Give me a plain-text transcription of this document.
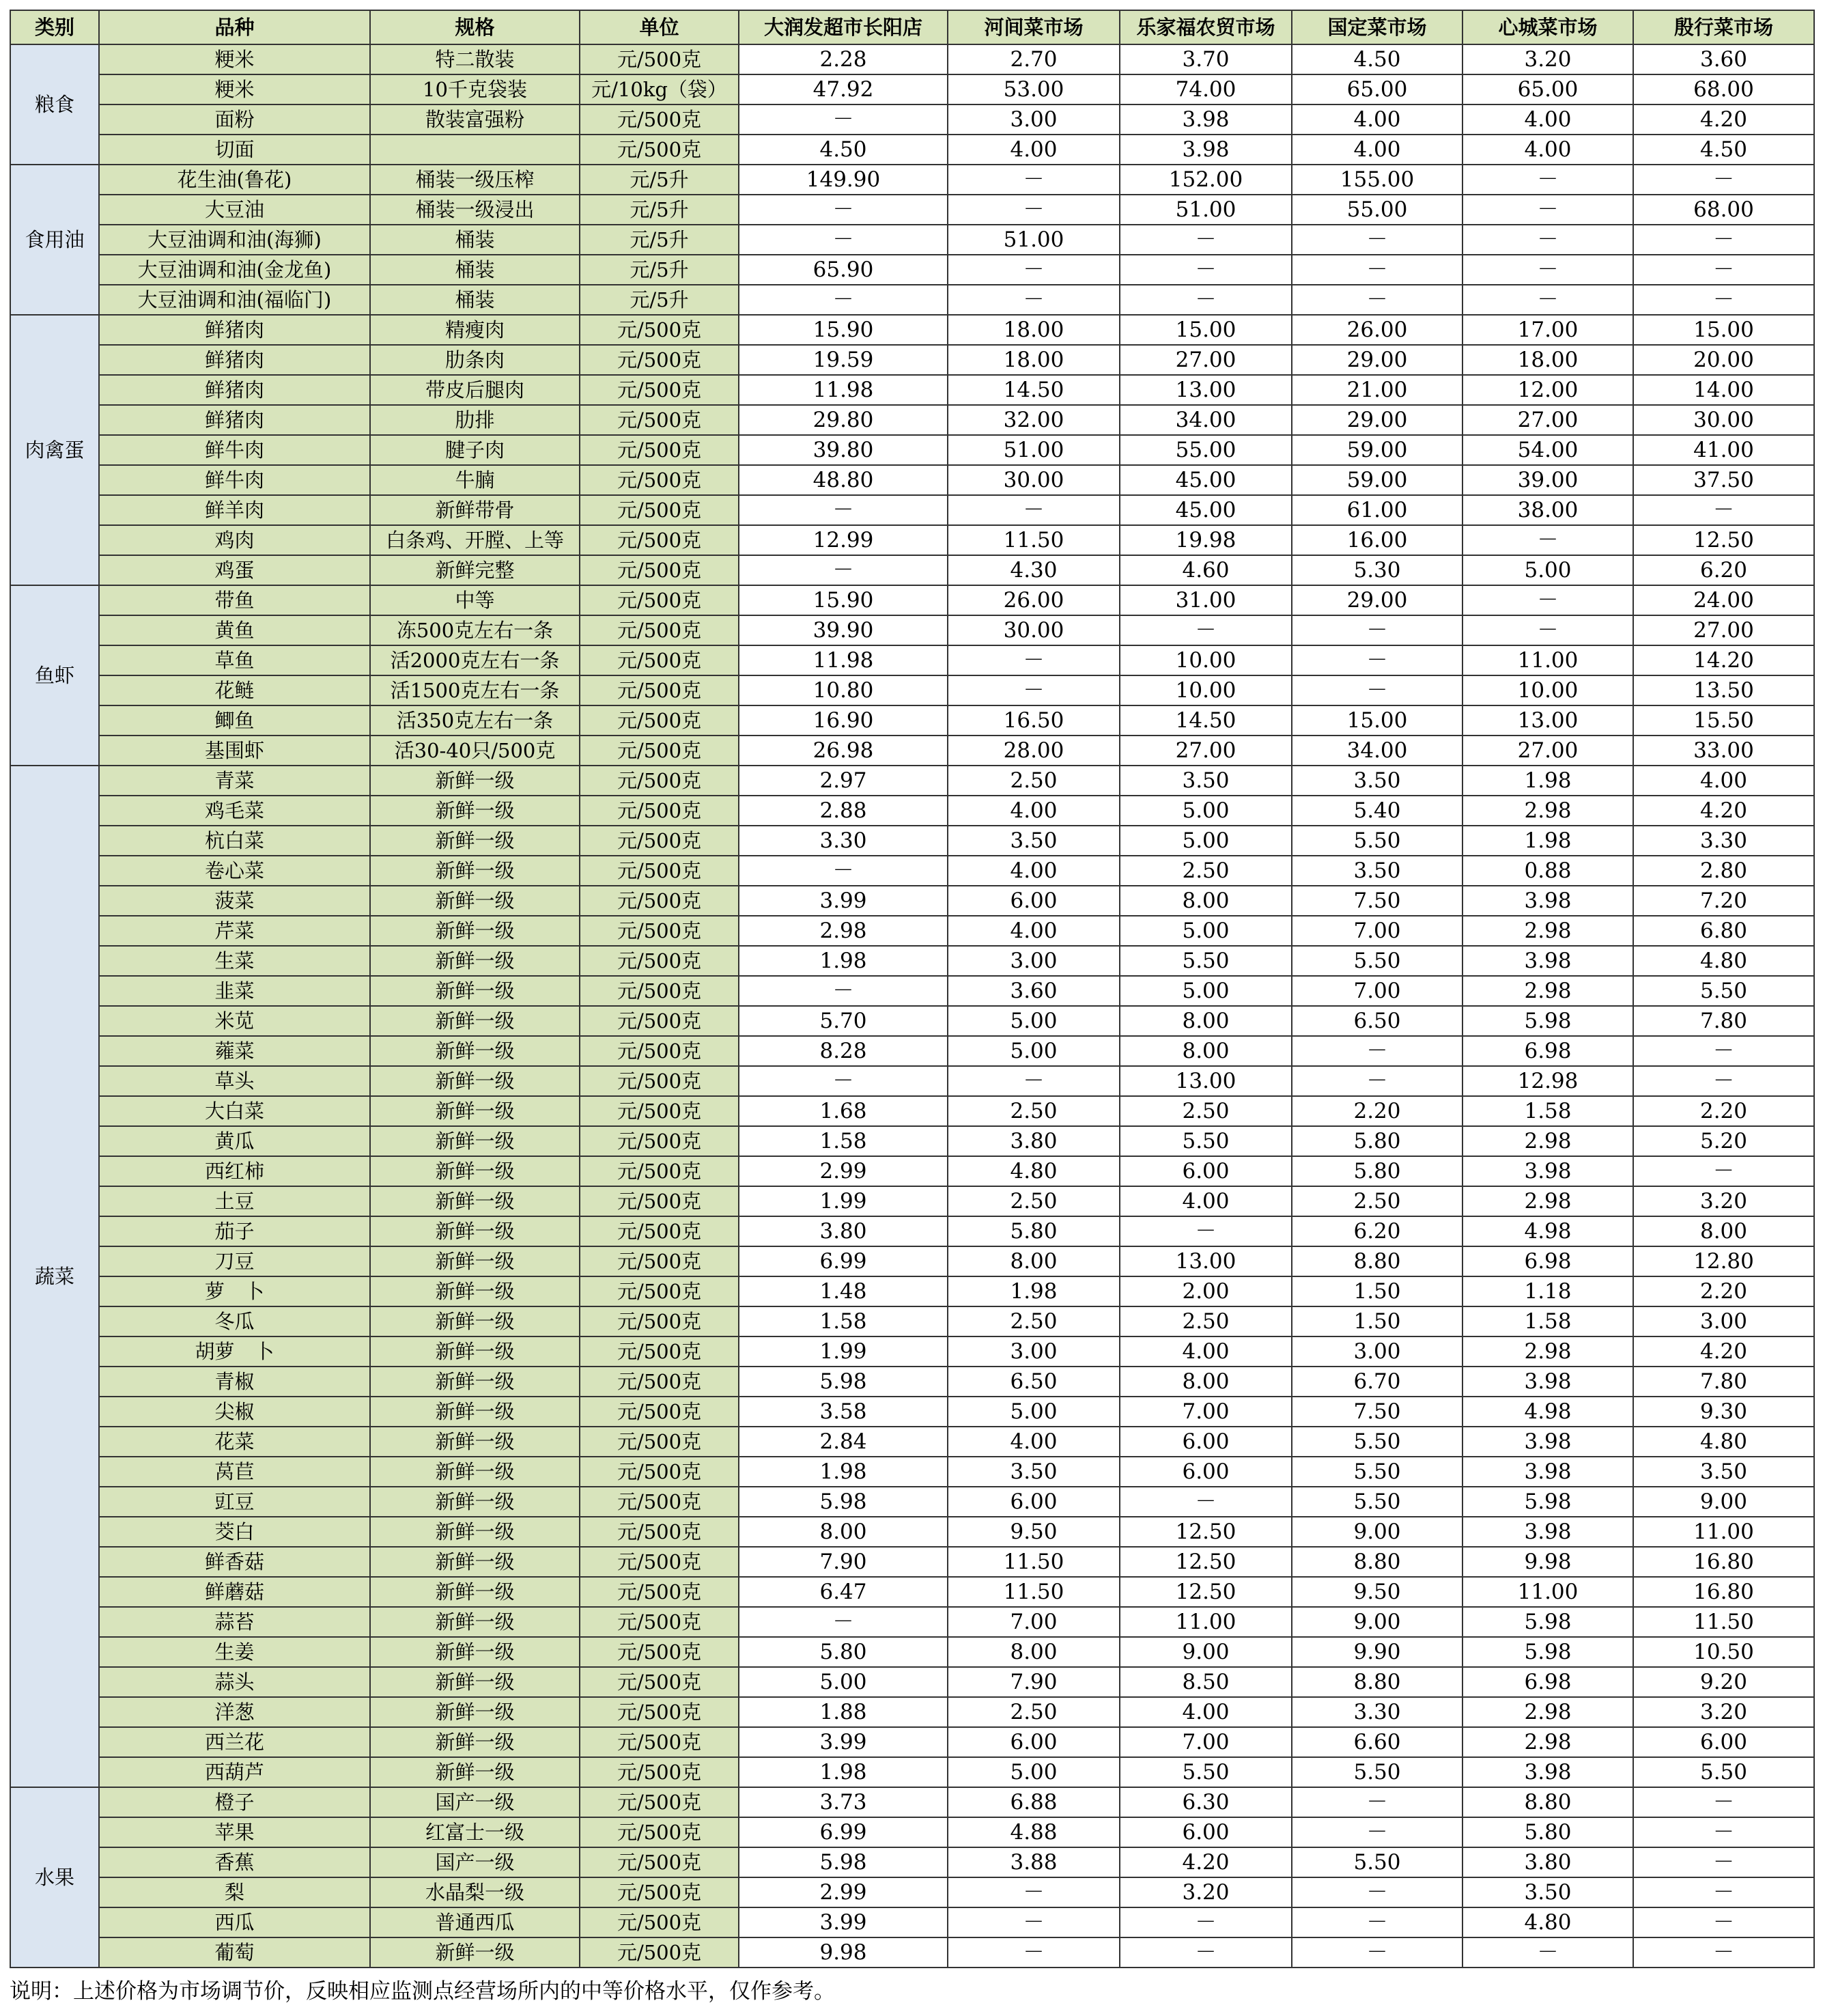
类别	品种	规格	单位	大润发超市长阳店	河间菜市场	乐家福农贸市场	国定菜市场	心城菜市场	殷行菜市场
粮食	粳米	特二散装	元/500克	2.28	2.70	3.70	4.50	3.20	3.60
	粳米	10千克袋装	元/10kg（袋）	47.92	53.00	74.00	65.00	65.00	68.00
	面粉	散装富强粉	元/500克	－	3.00	3.98	4.00	4.00	4.20
	切面		元/500克	4.50	4.00	3.98	4.00	4.00	4.50
食用油	花生油(鲁花)	桶装一级压榨	元/5升	149.90	－	152.00	155.00	－	－
	大豆油	桶装一级浸出	元/5升	－	－	51.00	55.00	－	68.00
	大豆油调和油(海狮)	桶装	元/5升	－	51.00	－	－	－	－
	大豆油调和油(金龙鱼)	桶装	元/5升	65.90	－	－	－	－	－
	大豆油调和油(福临门)	桶装	元/5升	－	－	－	－	－	－
肉禽蛋	鲜猪肉	精瘦肉	元/500克	15.90	18.00	15.00	26.00	17.00	15.00
	鲜猪肉	肋条肉	元/500克	19.59	18.00	27.00	29.00	18.00	20.00
	鲜猪肉	带皮后腿肉	元/500克	11.98	14.50	13.00	21.00	12.00	14.00
	鲜猪肉	肋排	元/500克	29.80	32.00	34.00	29.00	27.00	30.00
	鲜牛肉	腱子肉	元/500克	39.80	51.00	55.00	59.00	54.00	41.00
	鲜牛肉	牛腩	元/500克	48.80	30.00	45.00	59.00	39.00	37.50
	鲜羊肉	新鲜带骨	元/500克	－	－	45.00	61.00	38.00	－
	鸡肉	白条鸡、开膛、上等	元/500克	12.99	11.50	19.98	16.00	－	12.50
	鸡蛋	新鲜完整	元/500克	－	4.30	4.60	5.30	5.00	6.20
鱼虾	带鱼	中等	元/500克	15.90	26.00	31.00	29.00	－	24.00
	黄鱼	冻500克左右一条	元/500克	39.90	30.00	－	－	－	27.00
	草鱼	活2000克左右一条	元/500克	11.98	－	10.00	－	11.00	14.20
	花鲢	活1500克左右一条	元/500克	10.80	－	10.00	－	10.00	13.50
	鲫鱼	活350克左右一条	元/500克	16.90	16.50	14.50	15.00	13.00	15.50
	基围虾	活30-40只/500克	元/500克	26.98	28.00	27.00	34.00	27.00	33.00
蔬菜	青菜	新鲜一级	元/500克	2.97	2.50	3.50	3.50	1.98	4.00
	鸡毛菜	新鲜一级	元/500克	2.88	4.00	5.00	5.40	2.98	4.20
	杭白菜	新鲜一级	元/500克	3.30	3.50	5.00	5.50	1.98	3.30
	卷心菜	新鲜一级	元/500克	－	4.00	2.50	3.50	0.88	2.80
	菠菜	新鲜一级	元/500克	3.99	6.00	8.00	7.50	3.98	7.20
	芹菜	新鲜一级	元/500克	2.98	4.00	5.00	7.00	2.98	6.80
	生菜	新鲜一级	元/500克	1.98	3.00	5.50	5.50	3.98	4.80
	韭菜	新鲜一级	元/500克	－	3.60	5.00	7.00	2.98	5.50
	米苋	新鲜一级	元/500克	5.70	5.00	8.00	6.50	5.98	7.80
	蕹菜	新鲜一级	元/500克	8.28	5.00	8.00	－	6.98	－
	草头	新鲜一级	元/500克	－	－	13.00	－	12.98	－
	大白菜	新鲜一级	元/500克	1.68	2.50	2.50	2.20	1.58	2.20
	黄瓜	新鲜一级	元/500克	1.58	3.80	5.50	5.80	2.98	5.20
	西红柿	新鲜一级	元/500克	2.99	4.80	6.00	5.80	3.98	－
	土豆	新鲜一级	元/500克	1.99	2.50	4.00	2.50	2.98	3.20
	茄子	新鲜一级	元/500克	3.80	5.80	－	6.20	4.98	8.00
	刀豆	新鲜一级	元/500克	6.99	8.00	13.00	8.80	6.98	12.80
	萝　卜	新鲜一级	元/500克	1.48	1.98	2.00	1.50	1.18	2.20
	冬瓜	新鲜一级	元/500克	1.58	2.50	2.50	1.50	1.58	3.00
	胡萝　卜	新鲜一级	元/500克	1.99	3.00	4.00	3.00	2.98	4.20
	青椒	新鲜一级	元/500克	5.98	6.50	8.00	6.70	3.98	7.80
	尖椒	新鲜一级	元/500克	3.58	5.00	7.00	7.50	4.98	9.30
	花菜	新鲜一级	元/500克	2.84	4.00	6.00	5.50	3.98	4.80
	莴苣	新鲜一级	元/500克	1.98	3.50	6.00	5.50	3.98	3.50
	豇豆	新鲜一级	元/500克	5.98	6.00	－	5.50	5.98	9.00
	茭白	新鲜一级	元/500克	8.00	9.50	12.50	9.00	3.98	11.00
	鲜香菇	新鲜一级	元/500克	7.90	11.50	12.50	8.80	9.98	16.80
	鲜蘑菇	新鲜一级	元/500克	6.47	11.50	12.50	9.50	11.00	16.80
	蒜苔	新鲜一级	元/500克	－	7.00	11.00	9.00	5.98	11.50
	生姜	新鲜一级	元/500克	5.80	8.00	9.00	9.90	5.98	10.50
	蒜头	新鲜一级	元/500克	5.00	7.90	8.50	8.80	6.98	9.20
	洋葱	新鲜一级	元/500克	1.88	2.50	4.00	3.30	2.98	3.20
	西兰花	新鲜一级	元/500克	3.99	6.00	7.00	6.60	2.98	6.00
	西葫芦	新鲜一级	元/500克	1.98	5.00	5.50	5.50	3.98	5.50
水果	橙子	国产一级	元/500克	3.73	6.88	6.30	－	8.80	－
	苹果	红富士一级	元/500克	6.99	4.88	6.00	－	5.80	－
	香蕉	国产一级	元/500克	5.98	3.88	4.20	5.50	3.80	－
	梨	水晶梨一级	元/500克	2.99	－	3.20	－	3.50	－
	西瓜	普通西瓜	元/500克	3.99	－	－	－	4.80	－
	葡萄	新鲜一级	元/500克	9.98	－	－	－	－	－
说明：上述价格为市场调节价，反映相应监测点经营场所内的中等价格水平，仅作参考。
